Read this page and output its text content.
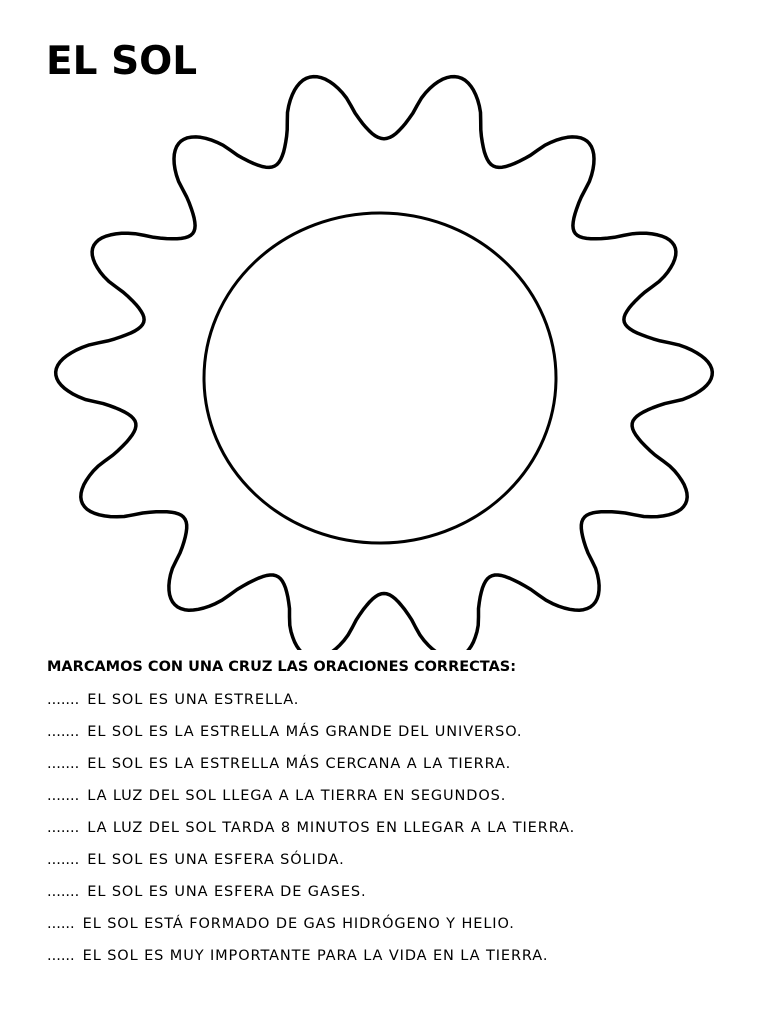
EL SOL

MARCAMOS CON UNA CRUZ LAS ORACIONES CORRECTAS:

....... EL SOL ES UNA ESTRELLA.
....... EL SOL ES LA ESTRELLA MÁS GRANDE DEL UNIVERSO.
....... EL SOL ES LA ESTRELLA MÁS CERCANA A LA TIERRA.
....... LA LUZ DEL SOL LLEGA A LA TIERRA EN SEGUNDOS.
....... LA LUZ DEL SOL TARDA 8 MINUTOS EN LLEGAR A LA TIERRA.
....... EL SOL ES UNA ESFERA SÓLIDA.
....... EL SOL ES UNA ESFERA DE GASES.
...... EL SOL ESTÁ FORMADO DE GAS HIDRÓGENO Y HELIO.
...... EL SOL ES MUY IMPORTANTE PARA LA VIDA EN LA TIERRA.
